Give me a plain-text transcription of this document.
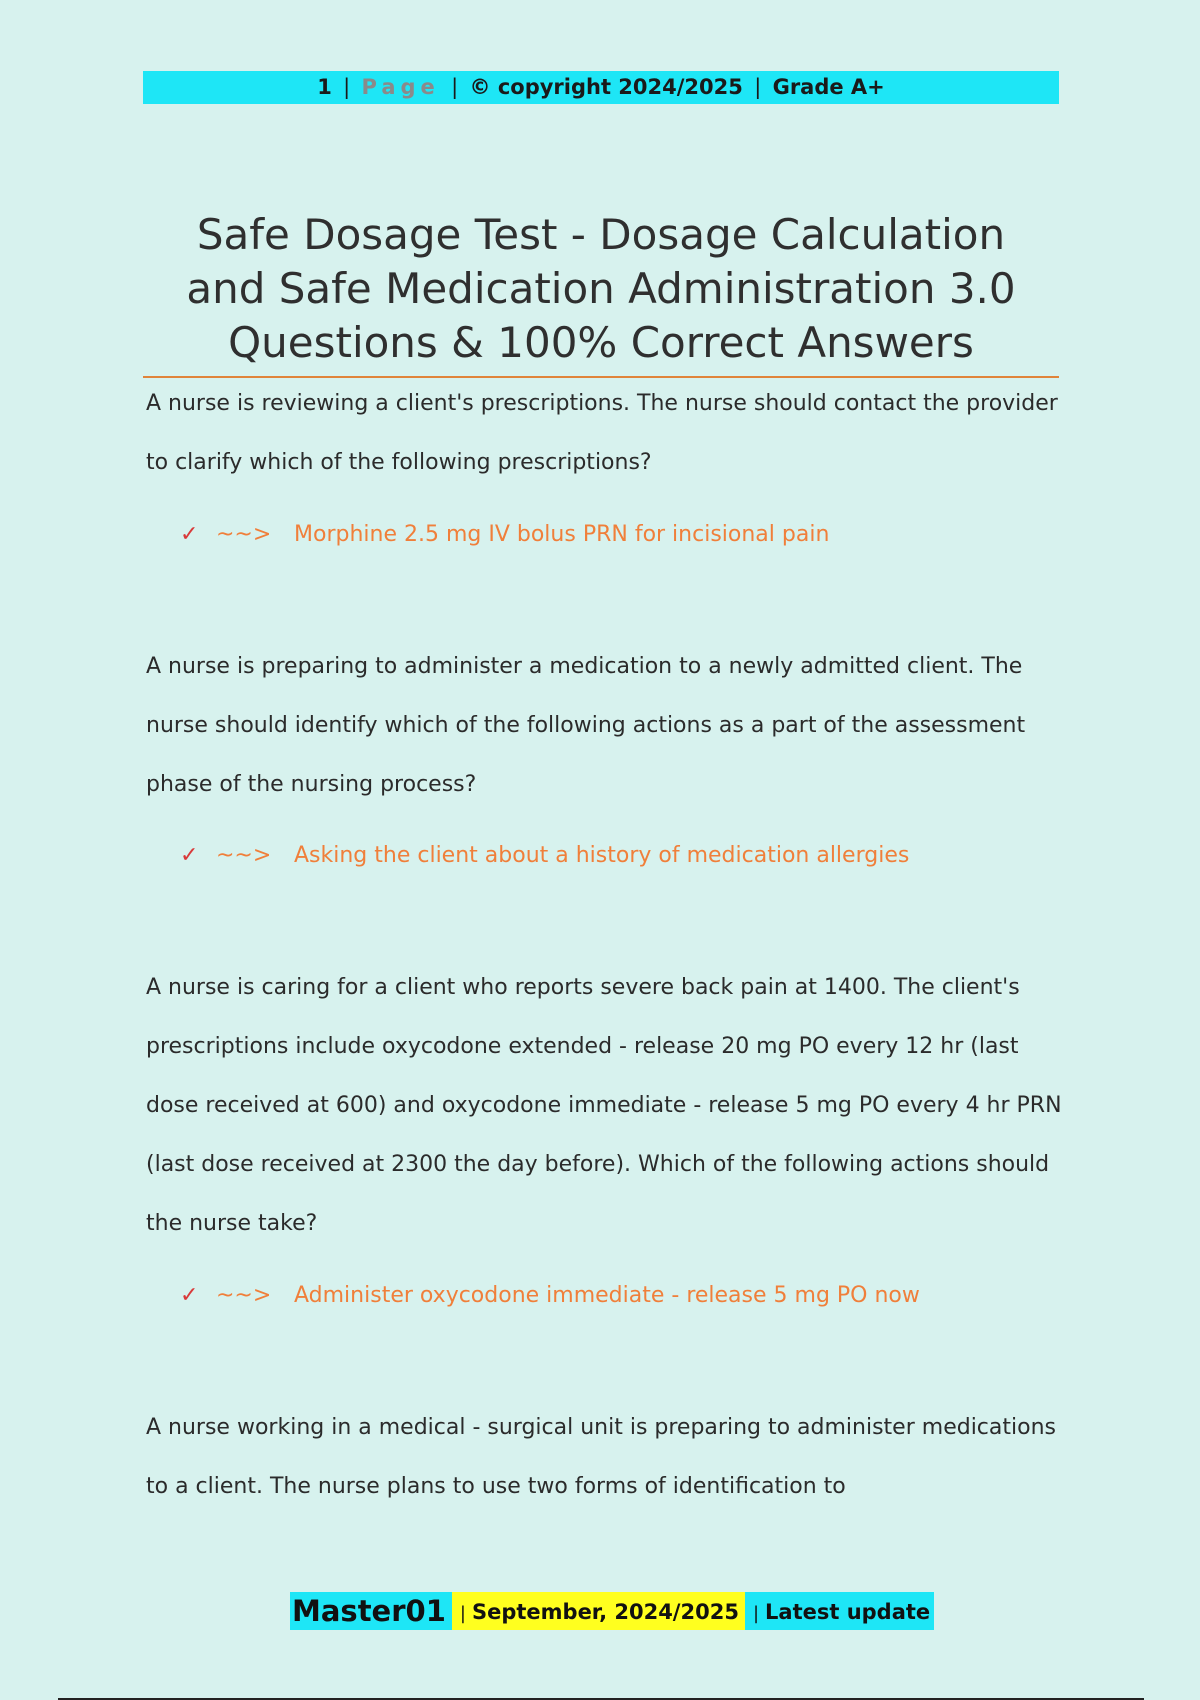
1 | Page | © copyright 2024/2025 | Grade A+
Safe Dosage Test - Dosage Calculation
and Safe Medication Administration 3.0
Questions & 100% Correct Answers
A nurse is reviewing a client's prescriptions. The nurse should contact the provider to clarify which of the following prescriptions?
✓ ~~> Morphine 2.5 mg IV bolus PRN for incisional pain
A nurse is preparing to administer a medication to a newly admitted client. The nurse should identify which of the following actions as a part of the assessment phase of the nursing process?
✓ ~~> Asking the client about a history of medication allergies
A nurse is caring for a client who reports severe back pain at 1400. The client's prescriptions include oxycodone extended - release 20 mg PO every 12 hr (last dose received at 600) and oxycodone immediate - release 5 mg PO every 4 hr PRN (last dose received at 2300 the day before). Which of the following actions should the nurse take?
✓ ~~> Administer oxycodone immediate - release 5 mg PO now
A nurse working in a medical - surgical unit is preparing to administer medications to a client. The nurse plans to use two forms of identification to
Master01 | September, 2024/2025 | Latest update
